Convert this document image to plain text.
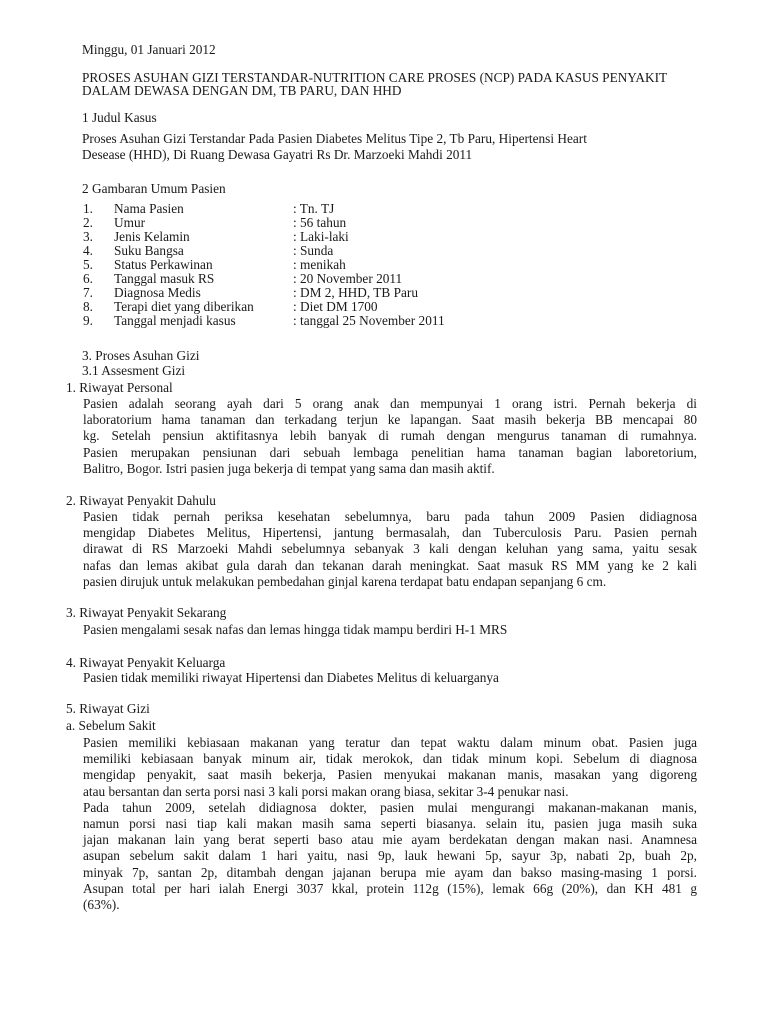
Minggu, 01 Januari 2012
PROSES ASUHAN GIZI TERSTANDAR-NUTRITION CARE PROSES (NCP) PADA KASUS PENYAKIT
DALAM DEWASA DENGAN DM, TB PARU, DAN HHD
1 Judul Kasus
Proses Asuhan Gizi Terstandar Pada Pasien Diabetes Melitus Tipe 2, Tb Paru, Hipertensi Heart
Desease (HHD), Di Ruang Dewasa Gayatri Rs Dr. Marzoeki Mahdi 2011
2 Gambaran Umum Pasien
1. Nama Pasien	: Tn. TJ
2. Umur	: 56 tahun
3. Jenis Kelamin	: Laki-laki
4. Suku Bangsa	: Sunda
5. Status Perkawinan	: menikah
6. Tanggal masuk RS	: 20 November 2011
7. Diagnosa Medis	: DM 2, HHD, TB Paru
8. Terapi diet yang diberikan	: Diet DM 1700
9. Tanggal menjadi kasus	: tanggal 25 November 2011
3. Proses Asuhan Gizi
3.1 Assesment Gizi
1. Riwayat Personal
Pasien adalah seorang ayah dari 5 orang anak dan mempunyai 1 orang istri. Pernah bekerja di
laboratorium hama tanaman dan terkadang terjun ke lapangan. Saat masih bekerja BB mencapai 80
kg. Setelah pensiun aktifitasnya lebih banyak di rumah dengan mengurus tanaman di rumahnya.
Pasien merupakan pensiunan dari sebuah lembaga penelitian hama tanaman bagian laboretorium,
Balitro, Bogor. Istri pasien juga bekerja di tempat yang sama dan masih aktif.
2. Riwayat Penyakit Dahulu
Pasien tidak pernah periksa kesehatan sebelumnya, baru pada tahun 2009 Pasien didiagnosa
mengidap Diabetes Melitus, Hipertensi, jantung bermasalah, dan Tuberculosis Paru. Pasien pernah
dirawat di RS Marzoeki Mahdi sebelumnya sebanyak 3 kali dengan keluhan yang sama, yaitu sesak
nafas dan lemas akibat gula darah dan tekanan darah meningkat. Saat masuk RS MM yang ke 2 kali
pasien dirujuk untuk melakukan pembedahan ginjal karena terdapat batu endapan sepanjang 6 cm.
3. Riwayat Penyakit Sekarang
Pasien mengalami sesak nafas dan lemas hingga tidak mampu berdiri H-1 MRS
4. Riwayat Penyakit Keluarga
Pasien tidak memiliki riwayat Hipertensi dan Diabetes Melitus di keluarganya
5. Riwayat Gizi
a. Sebelum Sakit
Pasien memiliki kebiasaan makanan yang teratur dan tepat waktu dalam minum obat. Pasien juga
memiliki kebiasaan banyak minum air, tidak merokok, dan tidak minum kopi. Sebelum di diagnosa
mengidap penyakit, saat masih bekerja, Pasien menyukai makanan manis, masakan yang digoreng
atau bersantan dan serta porsi nasi 3 kali porsi makan orang biasa, sekitar 3-4 penukar nasi.
Pada tahun 2009, setelah didiagnosa dokter, pasien mulai mengurangi makanan-makanan manis,
namun porsi nasi tiap kali makan masih sama seperti biasanya. selain itu, pasien juga masih suka
jajan makanan lain yang berat seperti baso atau mie ayam berdekatan dengan makan nasi. Anamnesa
asupan sebelum sakit dalam 1 hari yaitu, nasi 9p, lauk hewani 5p, sayur 3p, nabati 2p, buah 2p,
minyak 7p, santan 2p, ditambah dengan jajanan berupa mie ayam dan bakso masing-masing 1 porsi.
Asupan total per hari ialah Energi 3037 kkal, protein 112g (15%), lemak 66g (20%), dan KH 481 g
(63%).
